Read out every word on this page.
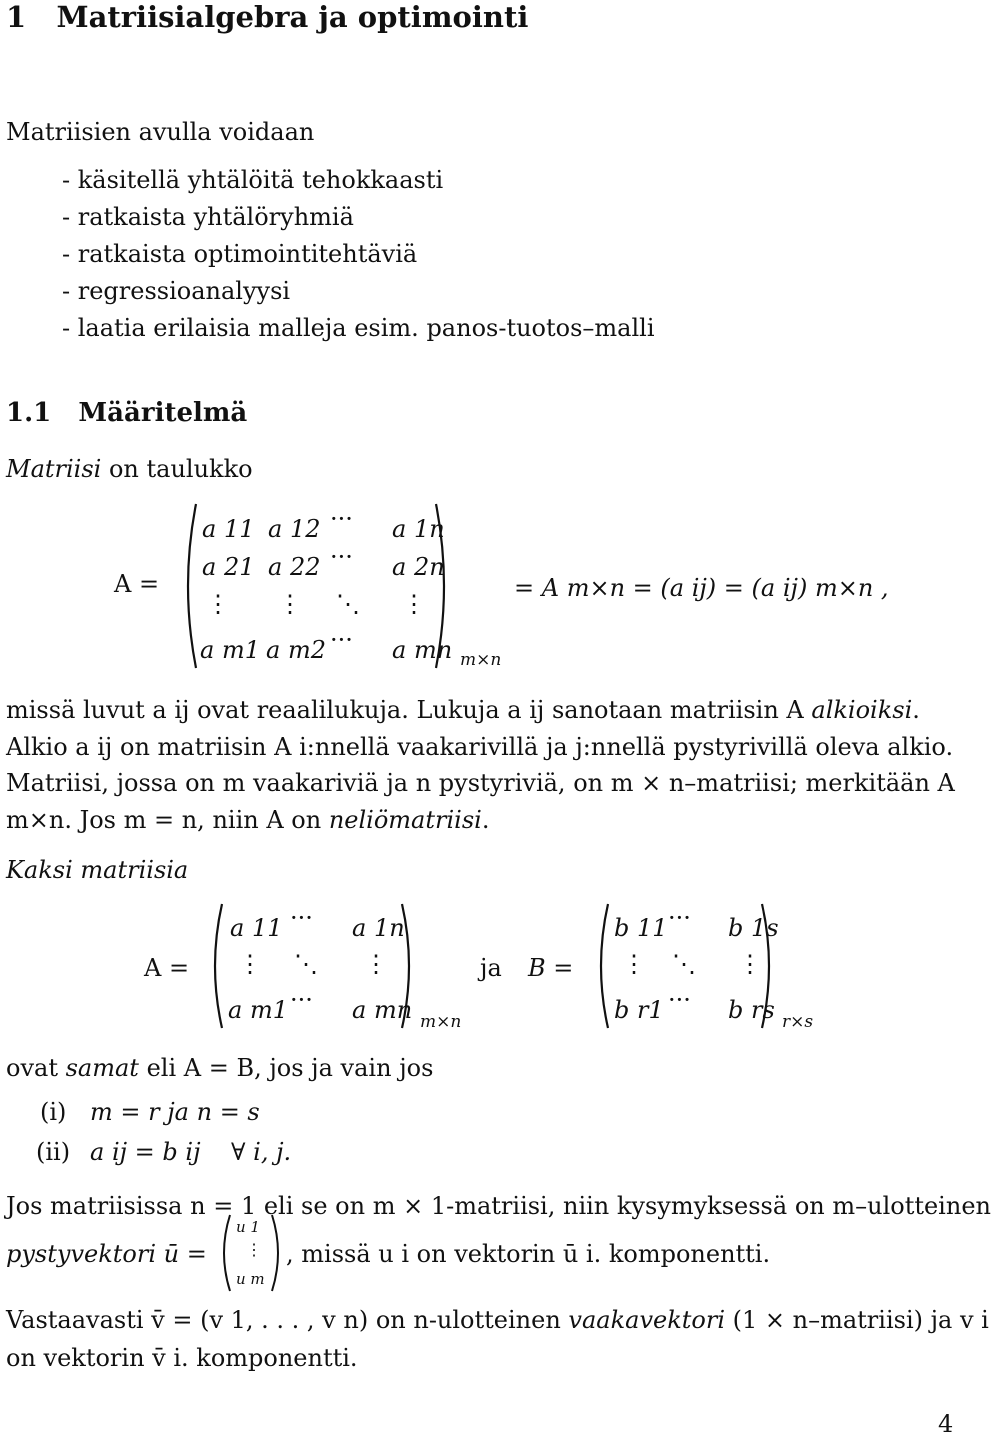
1 Matriisialgebra ja optimointi
Matriisien avulla voidaan
- käsitellä yhtälöitä tehokkaasti
- ratkaista yhtälöryhmiä
- ratkaista optimointitehtäviä
- regressioanalyysi
- laatia erilaisia malleja esim. panos-tuotos–malli
1.1 Määritelmä
Matriisi on taulukko
A =
a 11 a 12 ··· a 1n
a 21 a 22 ··· a 2n
⋮ ⋮ ⋱ ⋮
a m1 a m2 ··· a mn m×n
= A m×n = (a ij) = (a ij) m×n ,
missä luvut a ij ovat reaalilukuja. Lukuja a ij sanotaan matriisin A alkioiksi. Alkio a ij on matriisin A i:nnellä vaakarivillä ja j:nnellä pystyrivillä oleva alkio. Matriisi, jossa on m vaakariviä ja n pystyriviä, on m × n–matriisi; merkitään A m×n. Jos m = n, niin A on neliömatriisi.
Kaksi matriisia
A =
a 11 ··· a 1n
⋮ ⋱ ⋮
a m1 ··· a mn m×n
ja B =
b 11 ··· b 1s
⋮ ⋱ ⋮
b r1 ··· b rs r×s
ovat samat eli A = B, jos ja vain jos
(i) m = r ja n = s
(ii) a ij = b ij    ∀ i, j.
Jos matriisissa n = 1 eli se on m × 1-matriisi, niin kysymyksessä on m–ulotteinen
pystyvektori ū =
u 1
⋮
u m
, missä u i on vektorin ū i. komponentti.
Vastaavasti v̄ = (v 1, . . . , v n) on n-ulotteinen vaakavektori (1 × n–matriisi) ja v i
on vektorin v̄ i. komponentti.
4
